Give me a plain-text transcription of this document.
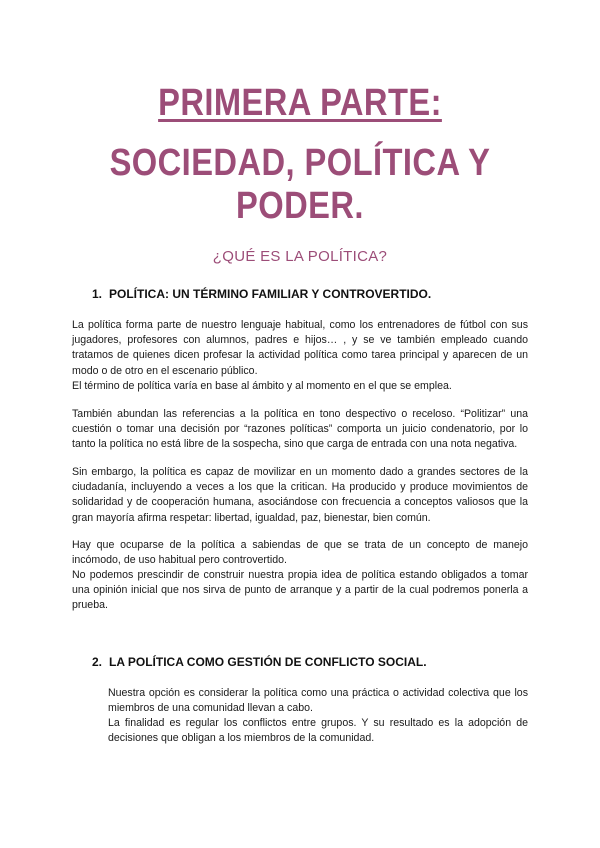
PRIMERA PARTE:
SOCIEDAD, POLÍTICA Y PODER.

¿QUÉ ES LA POLÍTICA?

1. POLÍTICA: UN TÉRMINO FAMILIAR Y CONTROVERTIDO.

La política forma parte de nuestro lenguaje habitual, como los entrenadores de fútbol con sus jugadores, profesores con alumnos, padres e hijos… , y se ve también empleado cuando tratamos de quienes dicen profesar la actividad política como tarea principal y aparecen de un modo o de otro en el escenario público.

El término de política varía en base al ámbito y al momento en el que se emplea.

También abundan las referencias a la política en tono despectivo o receloso. “Politizar” una cuestión o tomar una decisión por “razones políticas” comporta un juicio condenatorio, por lo tanto la política no está libre de la sospecha, sino que carga de entrada con una nota negativa.

Sin embargo, la política es capaz de movilizar en un momento dado a grandes sectores de la ciudadanía, incluyendo a veces a los que la critican. Ha producido y produce movimientos de solidaridad y de cooperación humana, asociándose con frecuencia a conceptos valiosos que la gran mayoría afirma respetar: libertad, igualdad, paz, bienestar, bien común.

Hay que ocuparse de la política a sabiendas de que se trata de un concepto de manejo incómodo, de uso habitual pero controvertido.

No podemos prescindir de construir nuestra propia idea de política estando obligados a tomar una opinión inicial que nos sirva de punto de arranque y a partir de la cual podremos ponerla a prueba.

2. LA POLÍTICA COMO GESTIÓN DE CONFLICTO SOCIAL.

Nuestra opción es considerar la política como una práctica o actividad colectiva que los miembros de una comunidad llevan a cabo.

La finalidad es regular los conflictos entre grupos. Y su resultado es la adopción de decisiones que obligan a los miembros de la comunidad.
